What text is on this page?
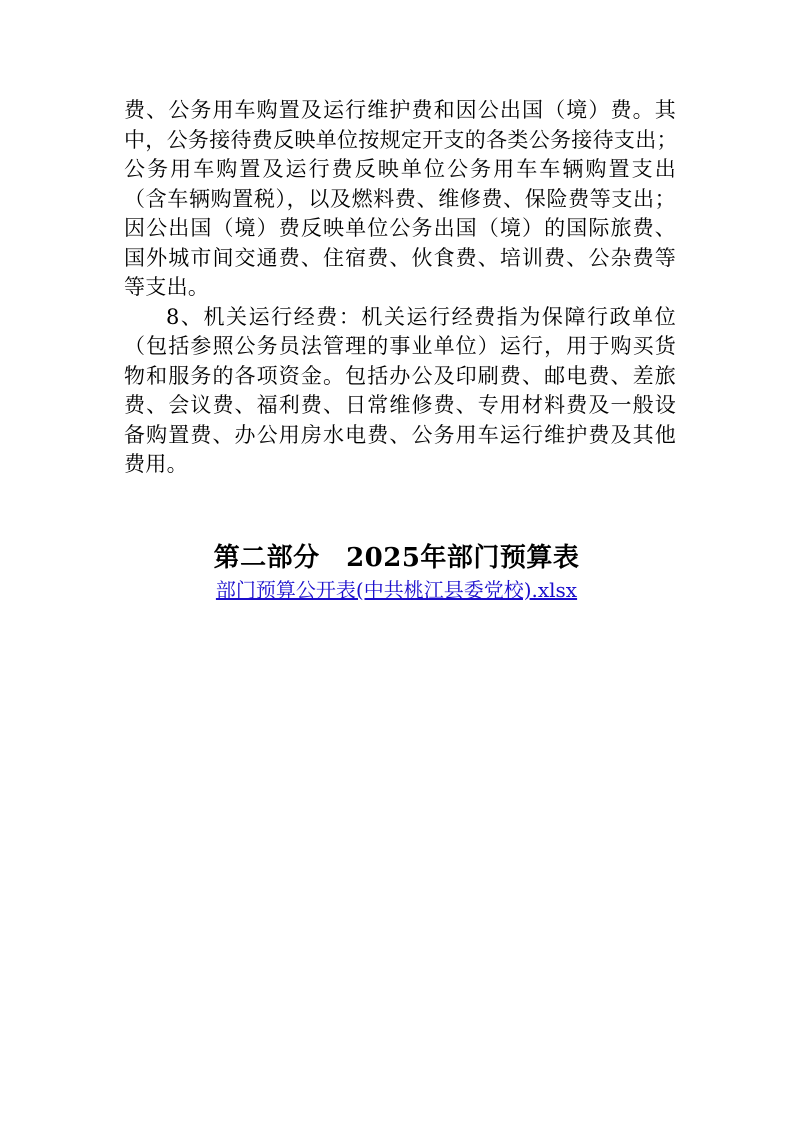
费、公务用车购置及运行维护费和因公出国（境）费。其
中，公务接待费反映单位按规定开支的各类公务接待支出；
公务用车购置及运行费反映单位公务用车车辆购置支出
（含车辆购置税），以及燃料费、维修费、保险费等支出；
因公出国（境）费反映单位公务出国（境）的国际旅费、
国外城市间交通费、住宿费、伙食费、培训费、公杂费等
等支出。
8、机关运行经费：机关运行经费指为保障行政单位
（包括参照公务员法管理的事业单位）运行，用于购买货
物和服务的各项资金。包括办公及印刷费、邮电费、差旅
费、会议费、福利费、日常维修费、专用材料费及一般设
备购置费、办公用房水电费、公务用车运行维护费及其他
费用。
第二部分　2025年部门预算表
部门预算公开表(中共桃江县委党校).xlsx
